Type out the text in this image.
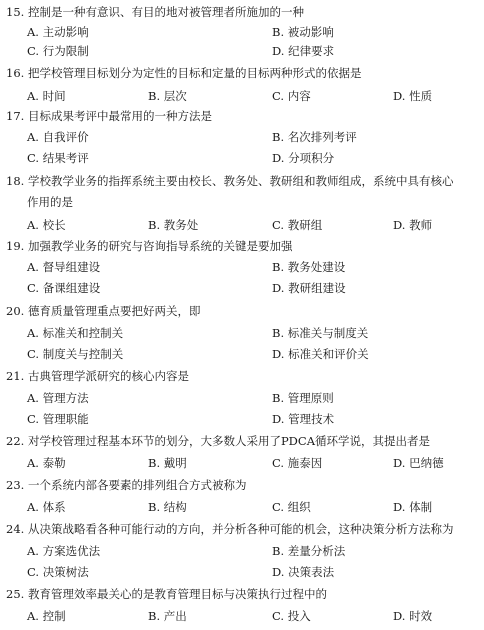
15. 控制是一种有意识、有目的地对被管理者所施加的一种
A. 主动影响	B. 被动影响
C. 行为限制	D. 纪律要求
16. 把学校管理目标划分为定性的目标和定量的目标两种形式的依据是
A. 时间	B. 层次	C. 内容	D. 性质
17. 目标成果考评中最常用的一种方法是
A. 自我评价	B. 名次排列考评
C. 结果考评	D. 分项积分
18. 学校教学业务的指挥系统主要由校长、教务处、教研组和教师组成，系统中具有核心
作用的是
A. 校长	B. 教务处	C. 教研组	D. 教师
19. 加强教学业务的研究与咨询指导系统的关键是要加强
A. 督导组建设	B. 教务处建设
C. 备课组建设	D. 教研组建设
20. 德育质量管理重点要把好两关，即
A. 标准关和控制关	B. 标准关与制度关
C. 制度关与控制关	D. 标准关和评价关
21. 古典管理学派研究的核心内容是
A. 管理方法	B. 管理原则
C. 管理职能	D. 管理技术
22. 对学校管理过程基本环节的划分，大多数人采用了PDCA循环学说，其提出者是
A. 泰勒	B. 戴明	C. 施泰因	D. 巴纳德
23. 一个系统内部各要素的排列组合方式被称为
A. 体系	B. 结构	C. 组织	D. 体制
24. 从决策战略看各种可能行动的方向，并分析各种可能的机会，这种决策分析方法称为
A. 方案选优法	B. 差量分析法
C. 决策树法	D. 决策表法
25. 教育管理效率最关心的是教育管理目标与决策执行过程中的
A. 控制	B. 产出	C. 投入	D. 时效
